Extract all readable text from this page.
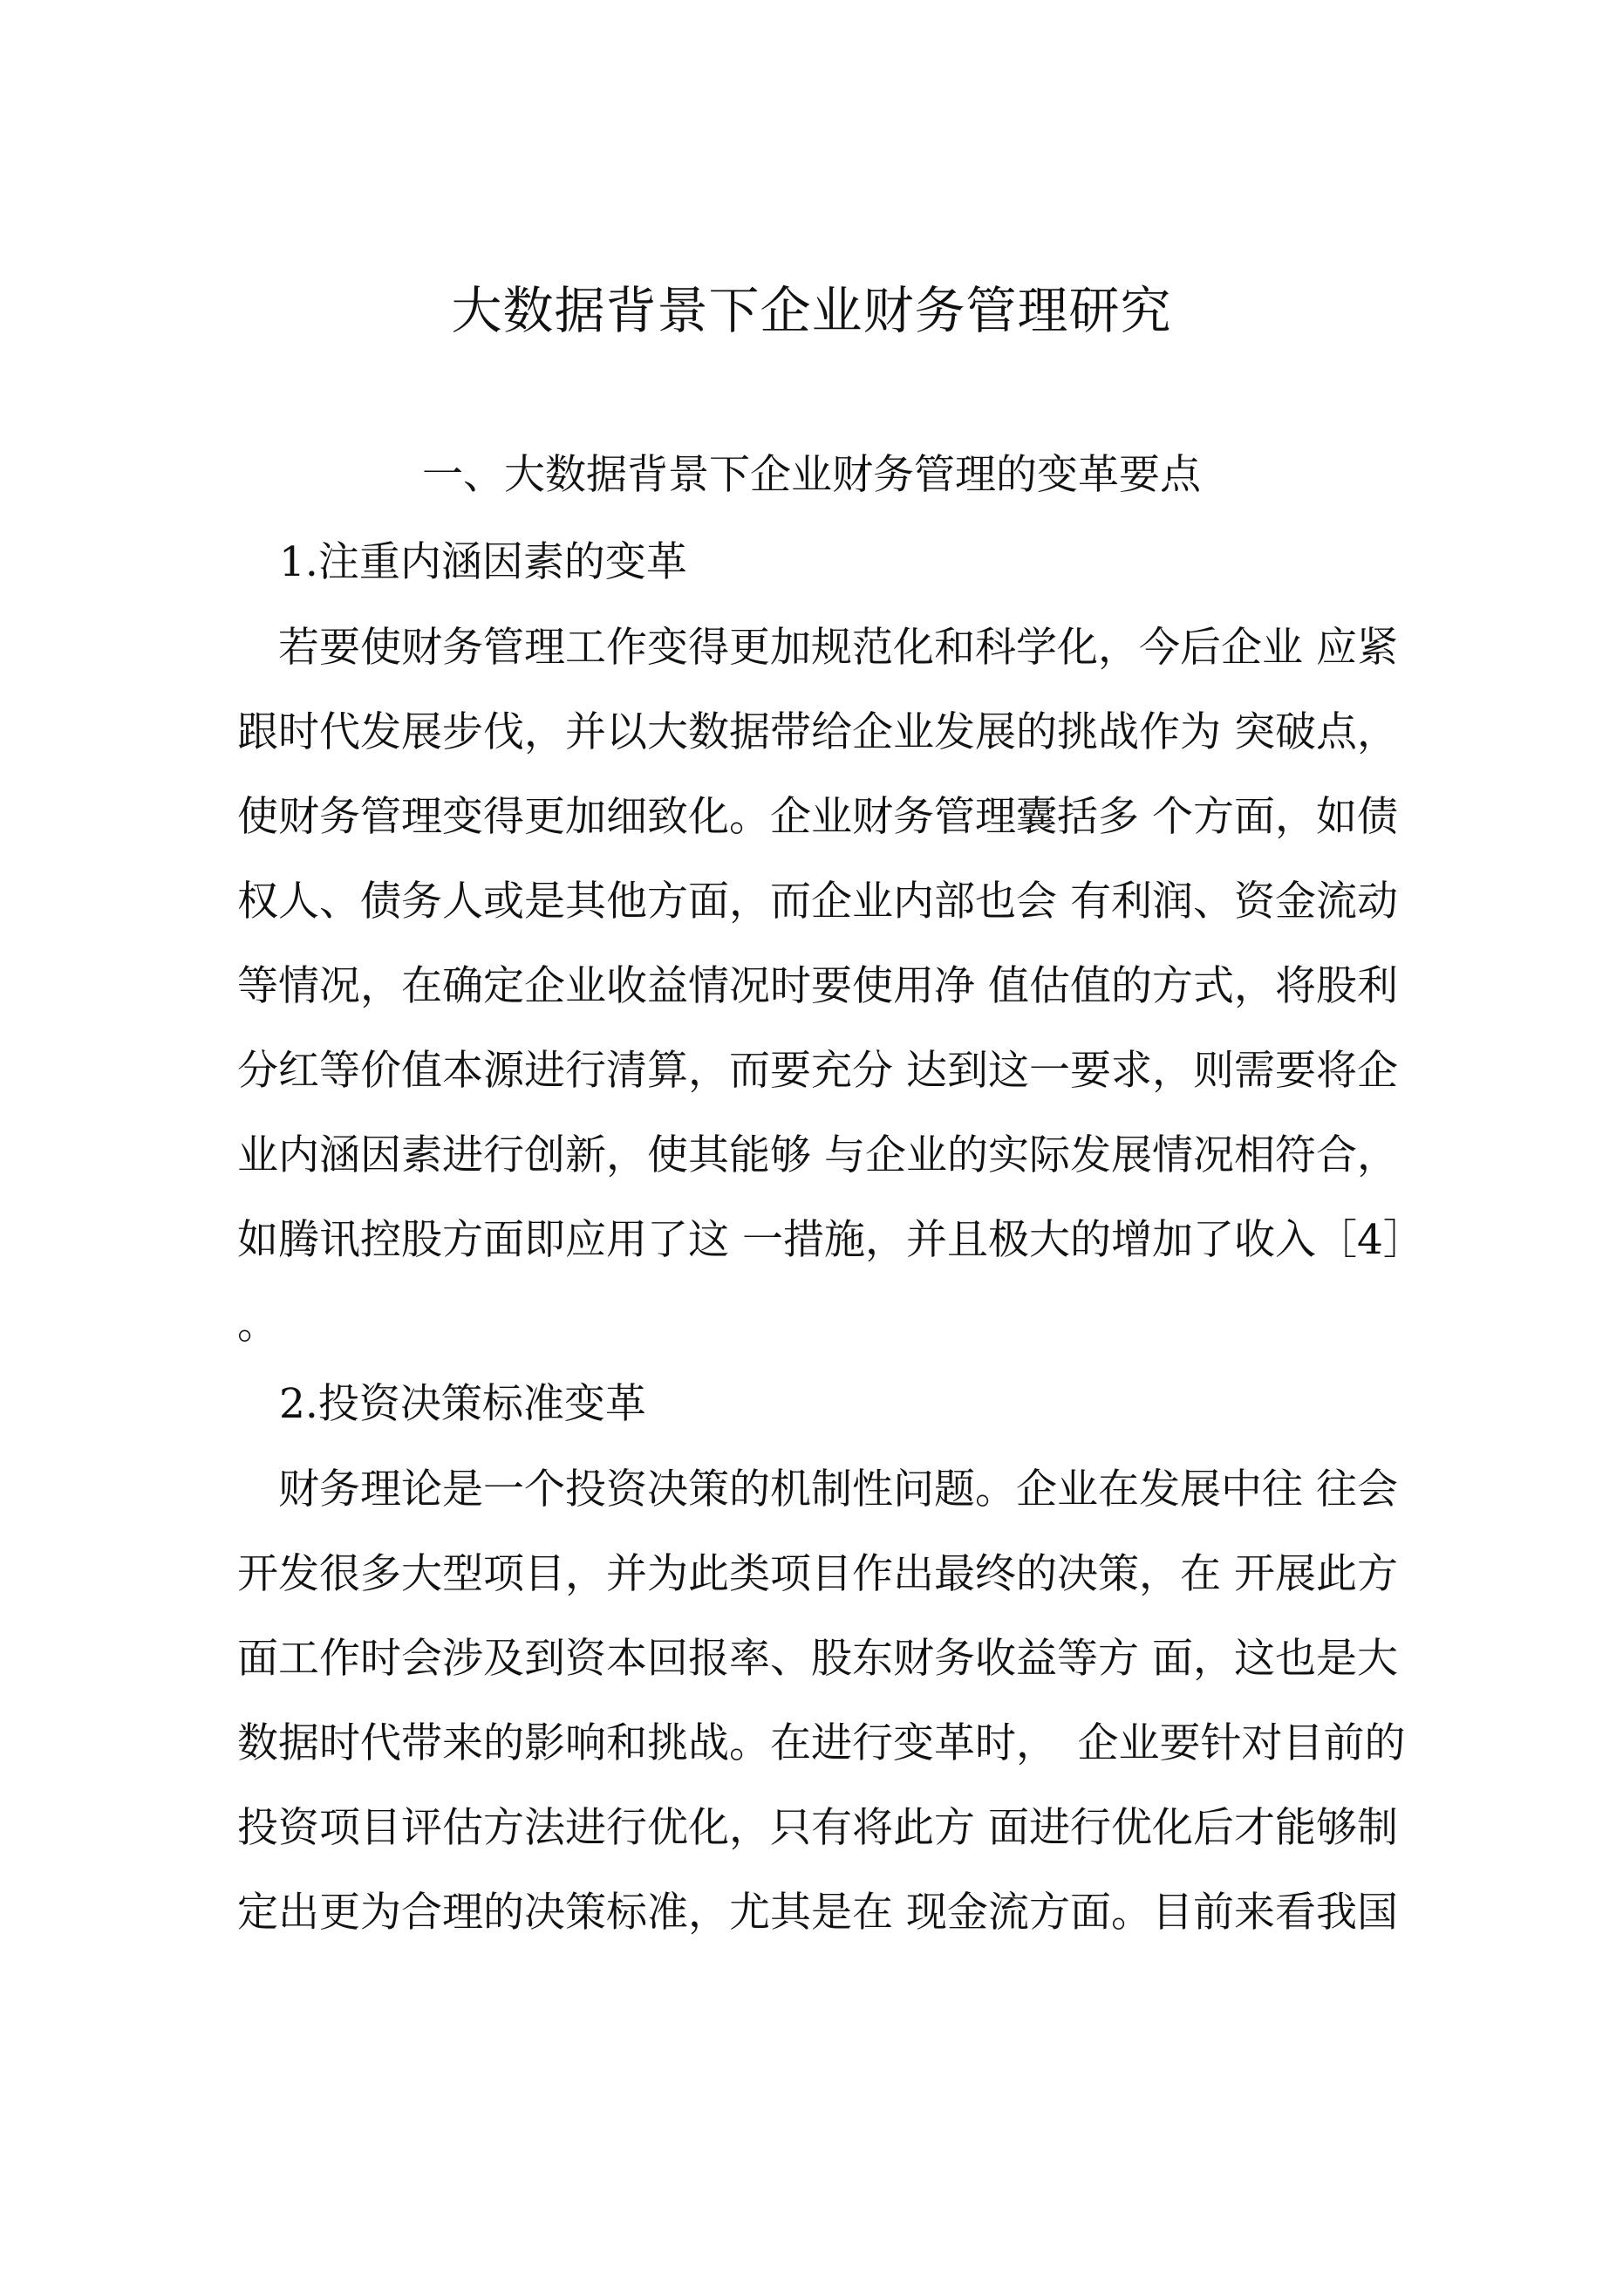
大数据背景下企业财务管理研究
一、大数据背景下企业财务管理的变革要点
1.注重内涵因素的变革
　若要使财务管理工作变得更加规范化和科学化，今后企业 应紧
跟时代发展步伐，并以大数据带给企业发展的挑战作为 突破点，
使财务管理变得更加细致化。企业财务管理囊括多 个方面，如债
权人、债务人或是其他方面，而企业内部也会 有利润、资金流动
等情况，在确定企业收益情况时要使用净 值估值的方式，将股利
分红等价值本源进行清算，而要充分 达到这一要求，则需要将企
业内涵因素进行创新，使其能够 与企业的实际发展情况相符合，
如腾讯控股方面即应用了这 一措施，并且极大的增加了收入［4］
。
2.投资决策标准变革
　财务理论是一个投资决策的机制性问题。企业在发展中往 往会
开发很多大型项目，并为此类项目作出最终的决策，在 开展此方
面工作时会涉及到资本回报率、股东财务收益等方 面，这也是大
数据时代带来的影响和挑战。在进行变革时，　企业要针对目前的
投资项目评估方法进行优化，只有将此方 面进行优化后才能够制
定出更为合理的决策标准，尤其是在 现金流方面。目前来看我国
